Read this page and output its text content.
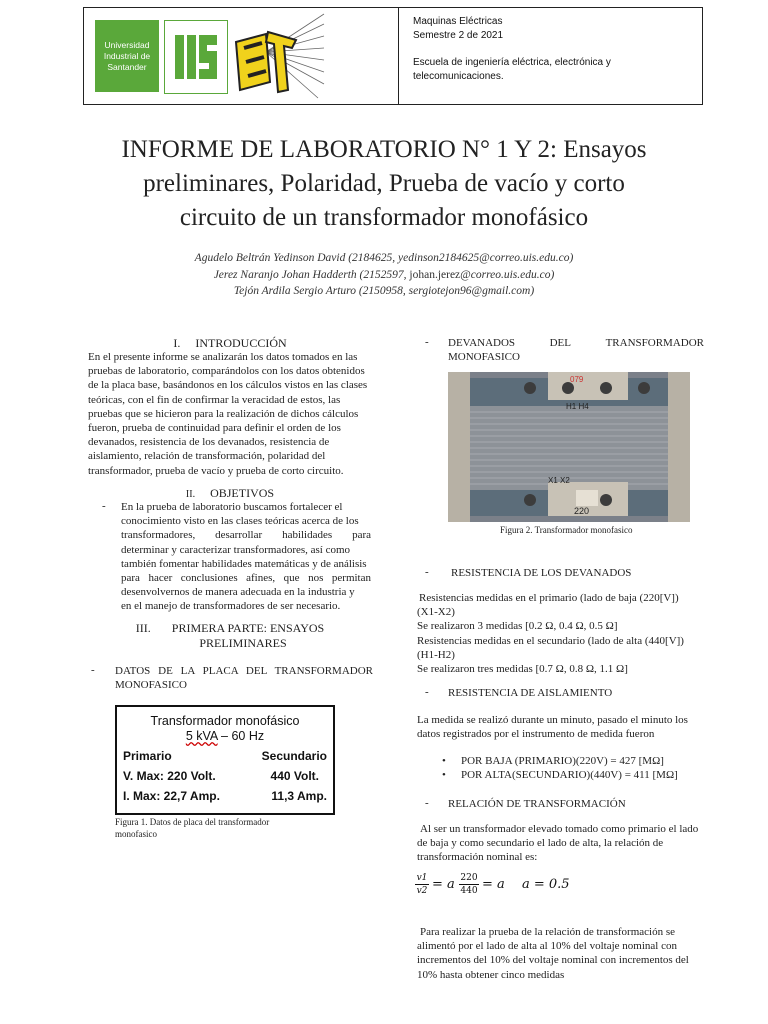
Universidad
Industrial de
Santander
Maquinas Eléctricas
Semestre 2 de 2021
Escuela de ingeniería eléctrica, electrónica y
telecomunicaciones.
INFORME DE LABORATORIO N° 1 Y 2: Ensayos
preliminares, Polaridad, Prueba de vacío y corto
circuito de un transformador monofásico
Agudelo Beltrán Yedinson David (2184625, yedinson2184625@correo.uis.edu.co)
Jerez Naranjo Johan Hadderth (2152597, johan.jerez@correo.uis.edu.co)
Tejón Ardila Sergio Arturo (2150958, sergiotejon96@gmail.com)
I. INTRODUCCIÓN
En el presente informe se analizarán los datos tomados en las
pruebas de laboratorio, comparándolos con los datos obtenidos
de la placa base, basándonos en los cálculos vistos en las clases
teóricas, con el fin de confirmar la veracidad de estos, las
pruebas que se hicieron para la realización de dichos cálculos
fueron, prueba de continuidad para definir el orden de los
devanados, resistencia de los devanados, resistencia de
aislamiento, relación de transformación, polaridad del
transformador, prueba de vacío y prueba de corto circuito.
II. OBJETIVOS
- En la prueba de laboratorio buscamos fortalecer el
conocimiento visto en las clases teóricas acerca de los
transformadores, desarrollar habilidades para
determinar y caracterizar transformadores, así como
también fomentar habilidades matemáticas y de análisis
para hacer conclusiones afines, que nos permitan
desenvolvernos de manera adecuada en la industria y
en el manejo de transformadores de ser necesario.
III. PRIMERA PARTE: ENSAYOS
PRELIMINARES
- DATOS DE LA PLACA DEL TRANSFORMADOR
MONOFASICO
Transformador monofásico
5 kVA – 60 Hz
Primario	Secundario
V. Max: 220 Volt.	440 Volt.
I. Max: 22,7 Amp.	11,3 Amp.
Figura 1. Datos de placa del transformador
monofasico
- DEVANADOS	DEL	TRANSFORMADOR
MONOFASICO
079
H1 H4
X1 X2
220
Figura 2. Transformador monofasico
- RESISTENCIA DE LOS DEVANADOS
Resistencias medidas en el primario (lado de baja (220[V])
(X1-X2)
Se realizaron 3 medidas [0.2 Ω, 0.4 Ω, 0.5 Ω]
Resistencias medidas en el secundario (lado de alta (440[V])
(H1-H2)
Se realizaron tres medidas [0.7 Ω, 0.8 Ω, 1.1 Ω]
- RESISTENCIA DE AISLAMIENTO
La medida se realizó durante un minuto, pasado el minuto los
datos registrados por el instrumento de medida fueron
• POR BAJA (PRIMARIO)(220V) = 427 [MΩ]
• POR ALTA(SECUNDARIO)(440V) = 411 [MΩ]
- RELACIÓN DE TRANSFORMACIÓN
Al ser un transformador elevado tomado como primario el lado
de baja y como secundario el lado de alta, la relación de
transformación nominal es:
v1
v2 = a 220
440 = a a = 0.5
Para realizar la prueba de la relación de transformación se
alimentó por el lado de alta al 10% del voltaje nominal con
incrementos del 10% del voltaje nominal con incrementos del
10% hasta obtener cinco medidas
